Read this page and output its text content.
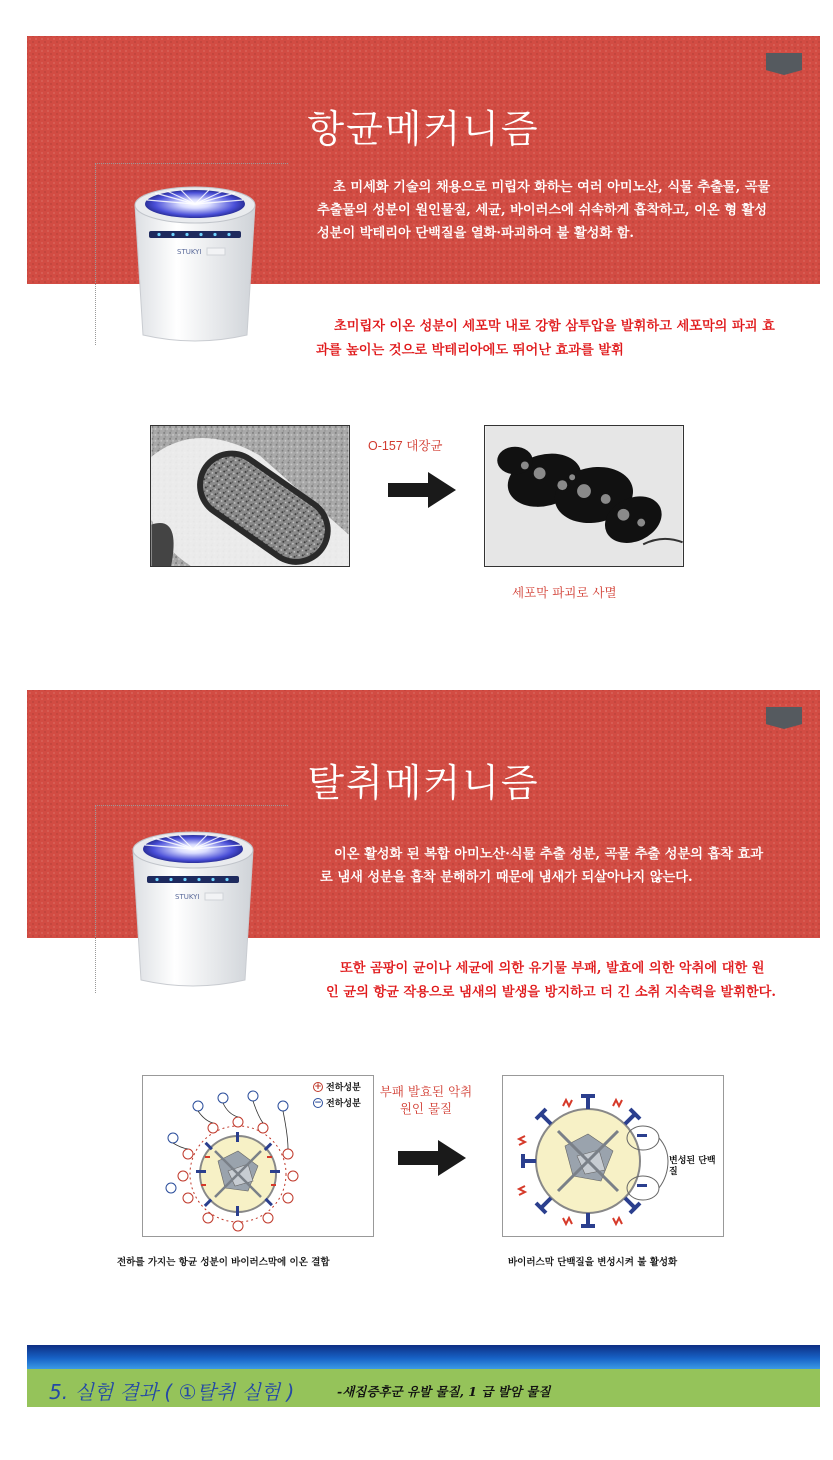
항균메커니즘
STUKYI
초 미세화 기술의 채용으로 미립자 화하는 여러 아미노산, 식물 추출물, 곡물 추출물의 성분이 원인물질, 세균, 바이러스에 쉬속하게 흡착하고, 이온 형 활성 성분이 박테리아 단백질을 열화·파괴하여 불 활성화 함.
초미립자 이온 성분이 세포막 내로 강함 삼투압을 발휘하고 세포막의 파괴 효과를 높이는 것으로 박테리아에도 뛰어난 효과를 발휘
O-157 대장균
세포막 파괴로 사멸
탈취메커니즘
STUKYI
이온 활성화 된 복합 아미노산·식물 추출 성분, 곡물 추출 성분의 흡착 효과로 냄새 성분을 흡착 분해하기 때문에 냄새가 되살아나지 않는다.
또한 곰팡이 균이나 세균에 의한 유기물 부패, 발효에 의한 악취에 대한 원인 균의 항균 작용으로 냄새의 발생을 방지하고 더 긴 소취 지속력을 발휘한다.
+ 전하성분
− 전하성분
부패 발효된 악취원인 물질
변성된 단백질
전하를 가지는 항균 성분이 바이러스막에 이온 결합	바이러스막 단백질을 변성시켜 불 활성화
5. 실험 결과 ( ①탈취 실험 )	-새집증후군 유발 물질, 1 급 발암 물질
